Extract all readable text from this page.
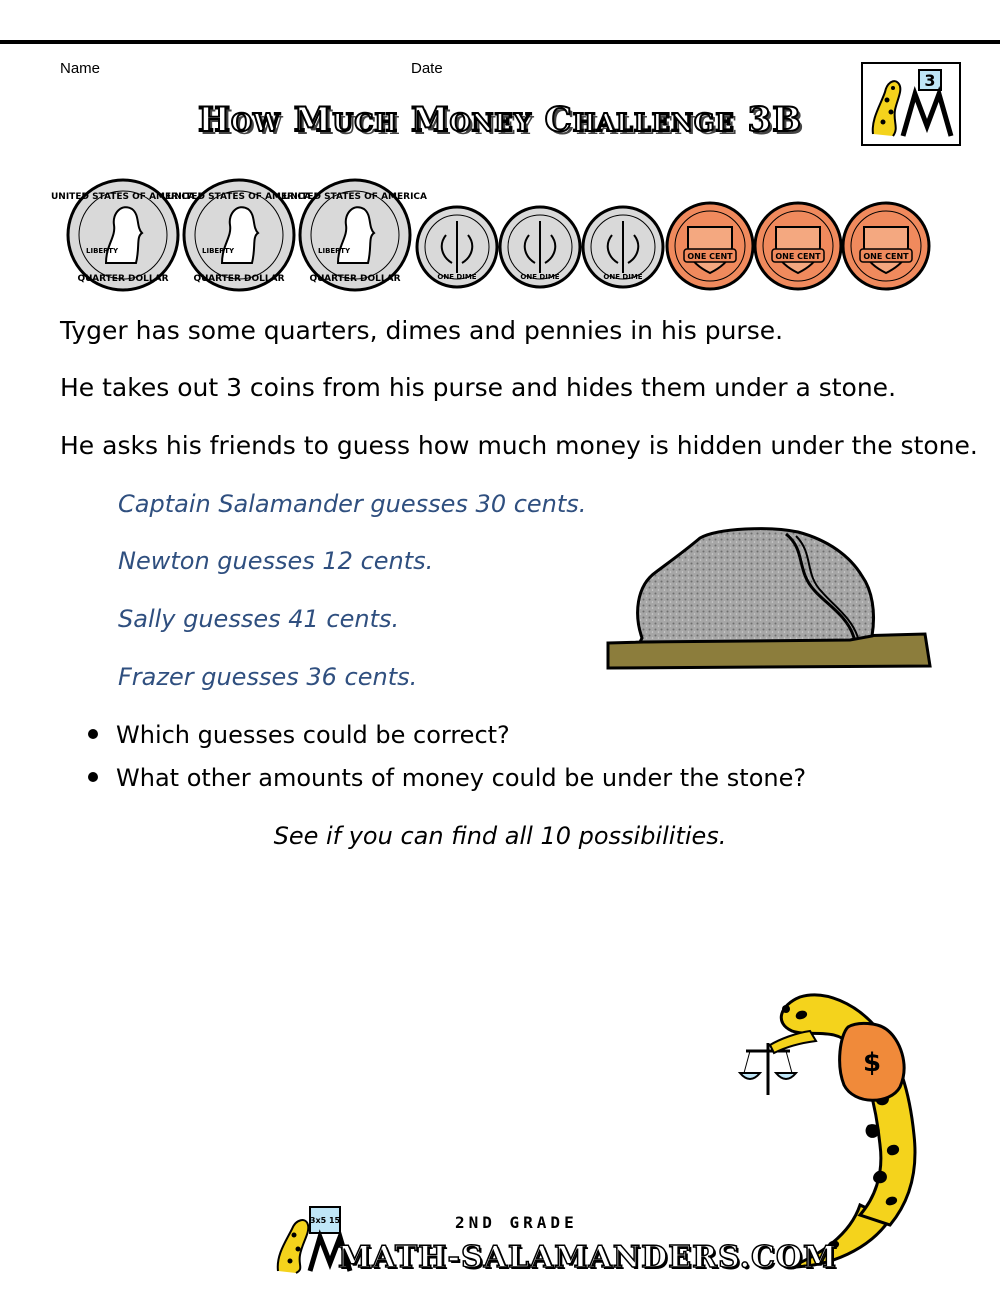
Name	Date
How Much Money Challenge 3B
3
UNITED STATES OF AMERICA
QUARTER DOLLAR
LIBERTY
UNITED STATES OF AMERICA
QUARTER DOLLAR
LIBERTY
UNITED STATES OF AMERICA
QUARTER DOLLAR
LIBERTY
ONE DIME	ONE DIME	ONE DIME
ONE CENT	ONE CENT	ONE CENT
Tyger has some quarters, dimes and pennies in his purse.
He takes out 3 coins from his purse and hides them under a stone.
He asks his friends to guess how much money is hidden under the stone.
Captain Salamander guesses 30 cents.
Newton guesses 12 cents.
Sally guesses 41 cents.
Frazer guesses 36 cents.
Which guesses could be correct?
What other amounts of money could be under the stone?
See if you can find all 10 possibilities.
$
3x5 15	2ND GRADE
MATH-SALAMANDERS.COM
